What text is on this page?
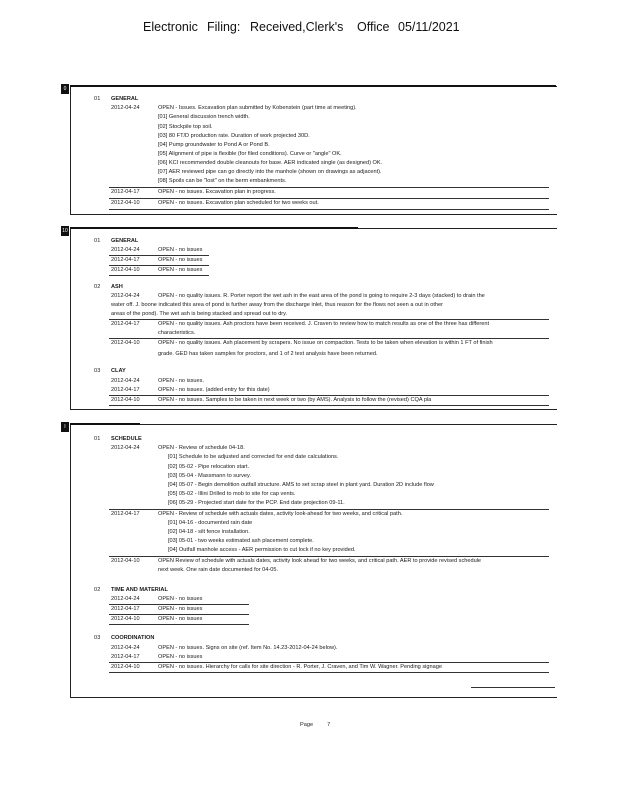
Electronic Filing: Received,Clerk's Office 05/11/2021
0
01 GENERAL
2012-04-24	OPEN - Issues. Excavation plan submitted by Kobenstein (part time at meeting).
[01] General discussion trench width.
[02] Stockpile top soil.
[03] 80 FT/D production rate. Duration of work projected 30D.
[04] Pump groundwater to Pond A or Pond B.
[05] Alignment of pipe is flexible (for filed conditions). Curve or "angle" OK.
[06] KCI recommended double cleanouts for base. AER indicated single (as designed) OK.
[07] AER reviewed pipe can go directly into the manhole (shown on drawings as adjacent).
[08] Spoils can be "lost" on the berm embankments.
2012-04-17	OPEN - no issues. Excavation plan in progress.
2012-04-10	OPEN - no issues. Excavation plan scheduled for two weeks out.
10
01 GENERAL
2012-04-24	OPEN - no issues
2012-04-17	OPEN - no issues
2012-04-10	OPEN - no issues
02 ASH
2012-04-24	OPEN - no quality issues. R. Porter report the wet ash in the east area of the pond is going to require 2-3 days (stacked) to drain the
water off. J. boone indicated this area of pond is further away from the discharge inlet, thus reason for the flows not seen a out in other
areas of the pond). The wet ash is being stacked and spread out to dry.
2012-04-17	OPEN - no quality issues. Ash proctors have been received. J. Craven to review how to match results as one of the three has different
characteristics.
2012-04-10	OPEN - no quality issues. Ash placement by scrapers. No issue on compaction. Tests to be taken when elevation is within 1 FT of finish
grade. GED has taken samples for proctors, and 1 of 2 test analysis have been returned.
03 CLAY
2012-04-24	OPEN - no issues.
2012-04-17	OPEN - no issues. (added entry for this date)
2012-04-10	OPEN - no issues. Samples to be taken in next week or two (by AMS). Analysis to follow the (revised) CQA pla
I
01 SCHEDULE
2012-04-24	OPEN - Review of schedule 04-18.
[01] Schedule to be adjusted and corrected for end date calculations.
[02] 05-02 - Pipe relocation start.
[03] 05-04 - Massmann to survey.
[04] 05-07 - Begin demolition outfall structure. AMS to set scrap steel in plant yard. Duration 2D include flow
[05] 05-02 - Illini Drilled to mob to site for cap vents.
[06] 05-29 - Projected start date for the PCP. End date projection 09-11.
2012-04-17	OPEN - Review of schedule with actuals dates, activity look-ahead for two weeks, and critical path.
[01] 04-16 - documented rain date
[02] 04-18 - silt fence installation.
[03] 05-01 - two weeks estimated ash placement complete.
[04] Outfall manhole access - AER permission to cut lock if no key provided.
2012-04-10	OPEN Review of schedule with actuals dates, activity look ahead for two weeks, and critical path. AER to provide revised schedule
next week. One rain date documented for 04-05.
02 TIME AND MATERIAL
2012-04-24	OPEN - no issues
2012-04-17	OPEN - no issues
2012-04-10	OPEN - no issues
03 COORDINATION
2012-04-24	OPEN - no issues. Signs on site (ref. Item No. 14.23-2012-04-24 below).
2012-04-17	OPEN - no issues
2012-04-10	OPEN - no issues. Hierarchy for calls for site direction - R. Porter, J. Craven, and Tim W. Wagner. Pending signage
Page	7
